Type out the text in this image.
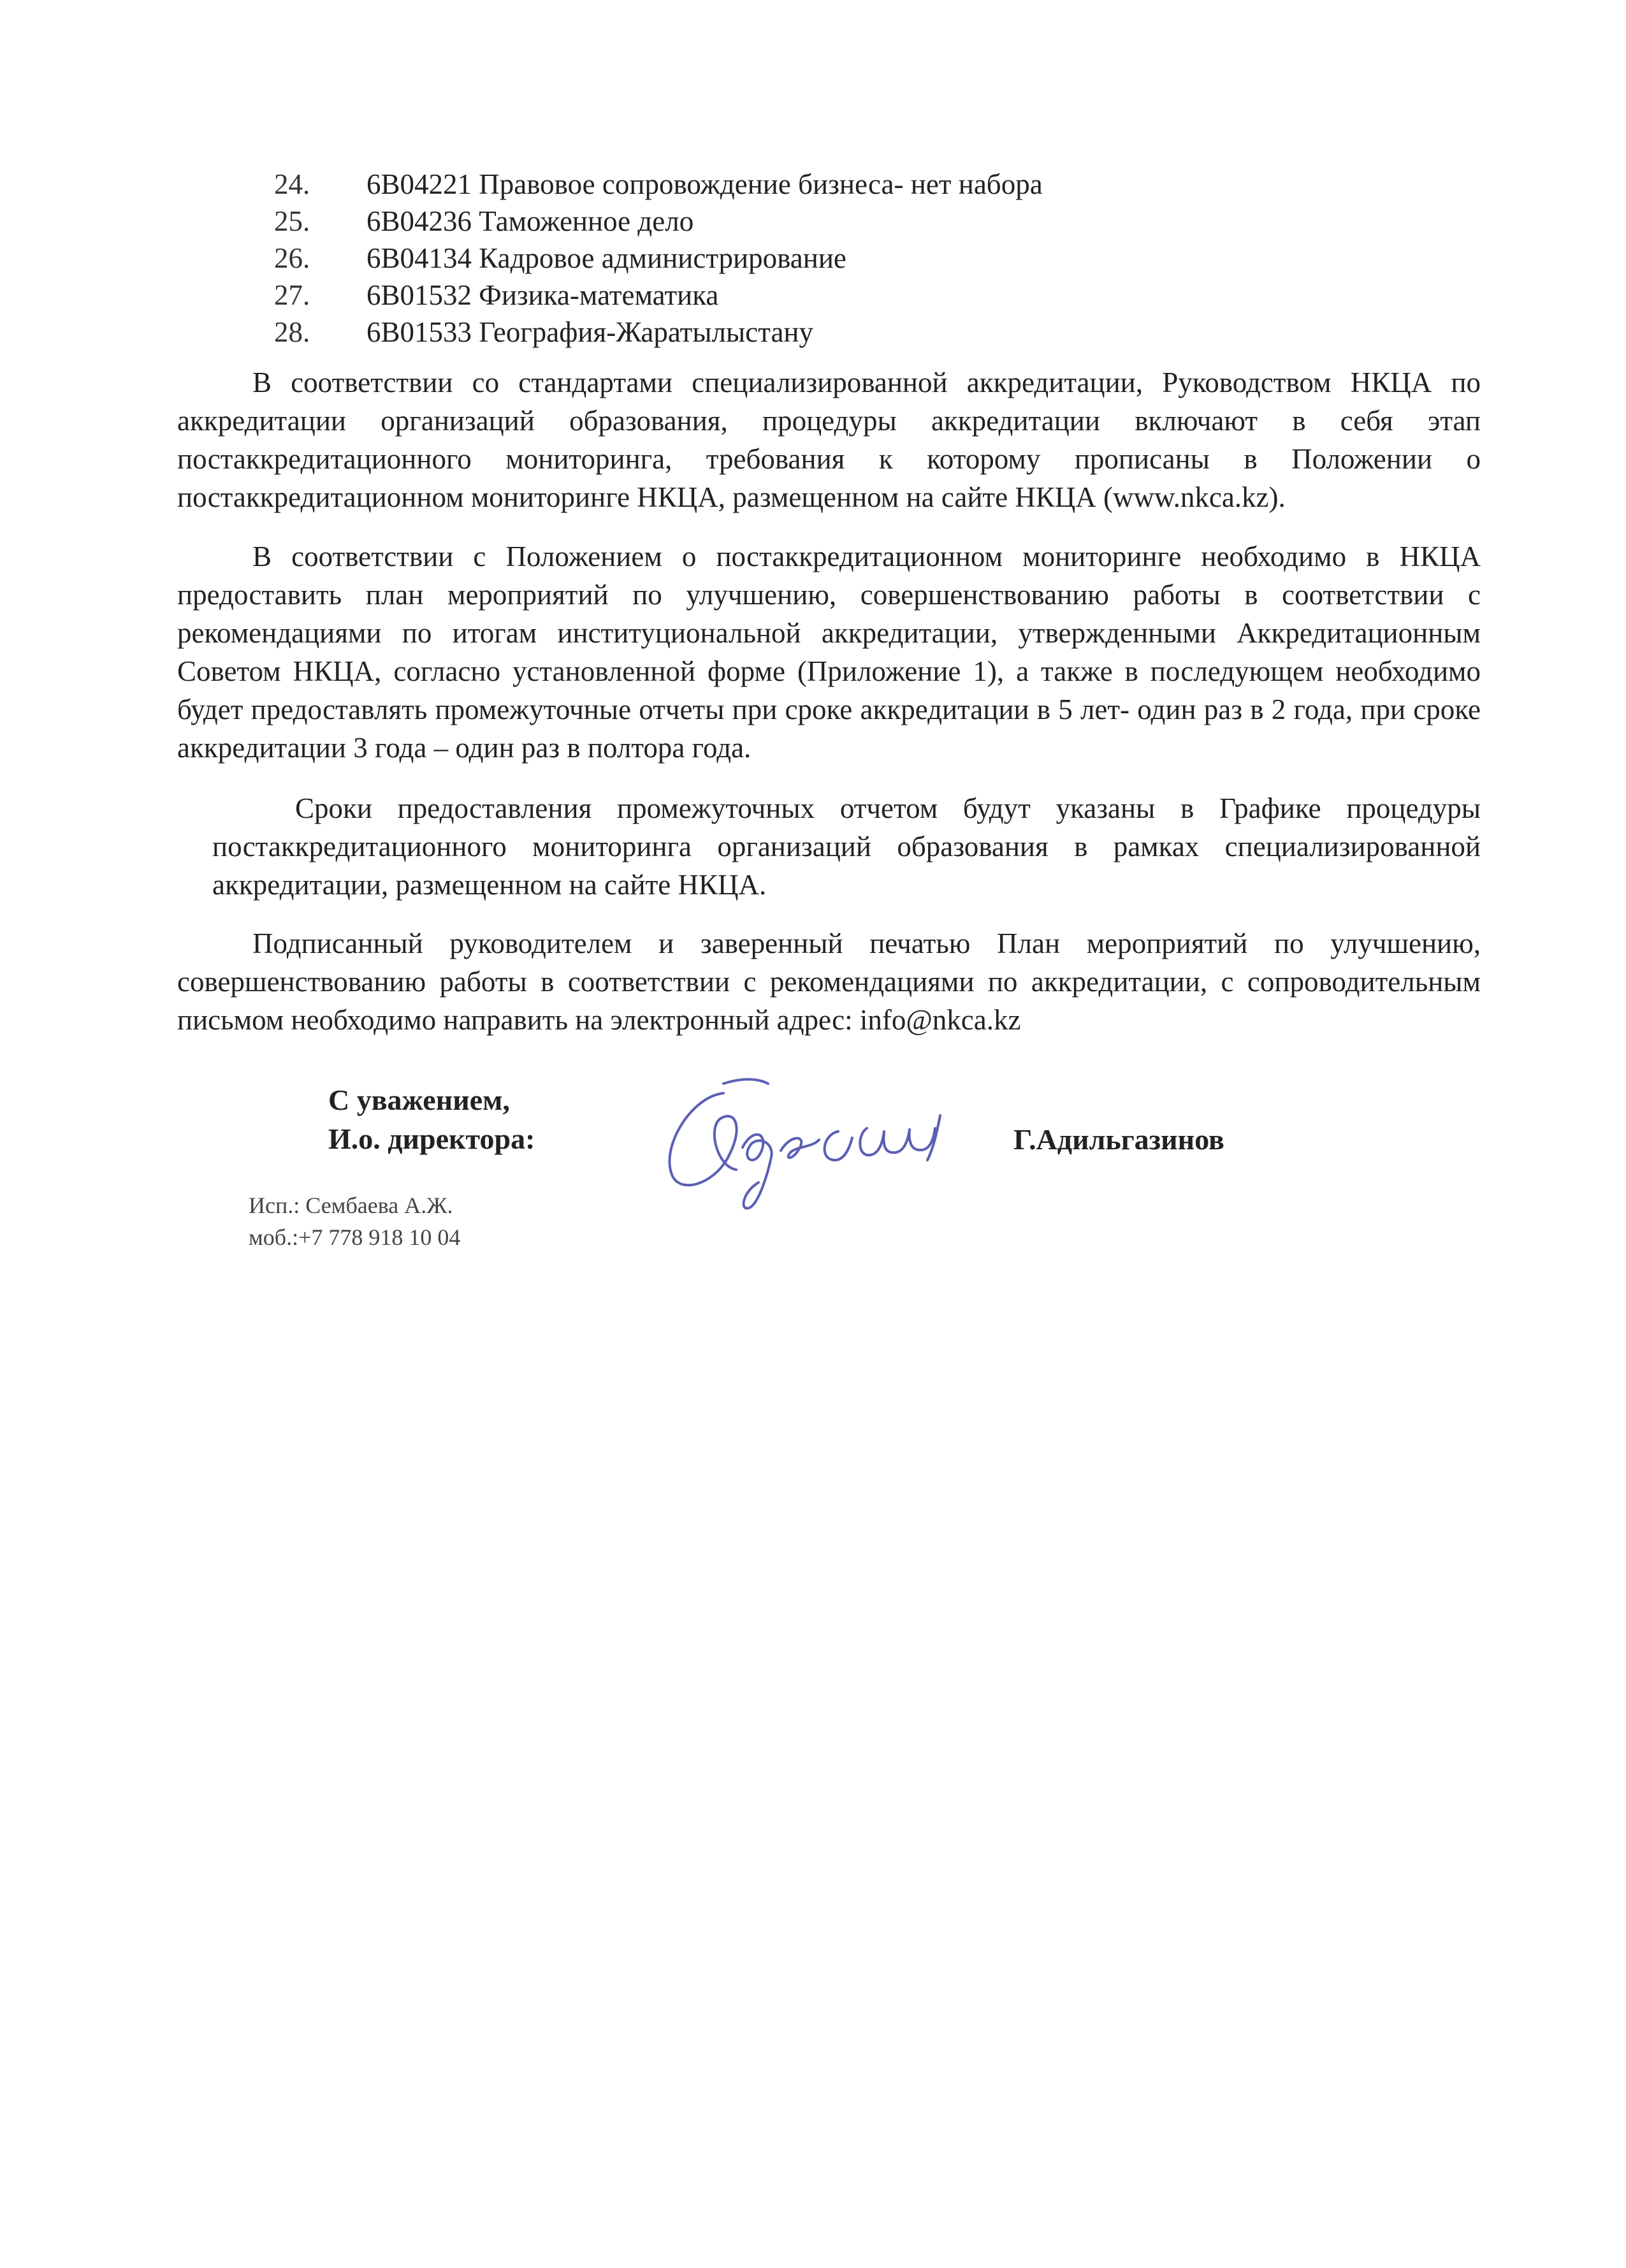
24.	6В04221 Правовое сопровождение бизнеса- нет набора
25.	6В04236 Таможенное дело
26.	6В04134 Кадровое администрирование
27.	6В01532 Физика-математика
28.	6В01533 География-Жаратылыстану

В соответствии со стандартами специализированной аккредитации, Руководством НКЦА по аккредитации организаций образования, процедуры аккредитации включают в себя этап постаккредитационного мониторинга, требования к которому прописаны в Положении о постаккредитационном мониторинге НКЦА, размещенном на сайте НКЦА (www.nkca.kz).

В соответствии с Положением о постаккредитационном мониторинге необходимо в НКЦА предоставить план мероприятий по улучшению, совершенствованию работы в соответствии с рекомендациями по итогам институциональной аккредитации, утвержденными Аккредитационным Советом НКЦА, согласно установленной форме (Приложение 1), а также в последующем необходимо будет предоставлять промежуточные отчеты при сроке аккредитации в 5 лет- один раз в 2 года, при сроке аккредитации 3 года – один раз в полтора года.

Сроки предоставления промежуточных отчетом будут указаны в Графике процедуры постаккредитационного мониторинга организаций образования в рамках специализированной аккредитации, размещенном на сайте НКЦА.

Подписанный руководителем и заверенный печатью План мероприятий по улучшению, совершенствованию работы в соответствии с рекомендациями по аккредитации, с сопроводительным письмом необходимо направить на электронный адрес: info@nkca.kz

С уважением,
И.о. директора:	Г.Адильгазинов
Исп.: Сембаева А.Ж.
моб.:+7 778 918 10 04
